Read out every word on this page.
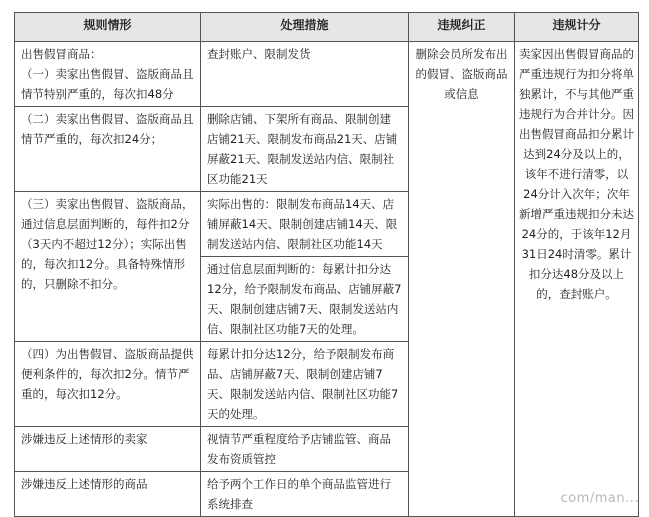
规则情形	处理措施	违规纠正	违规计分

出售假冒商品：
（一）卖家出售假冒、盗版商品且情节特别严重的，每次扣48分	查封账户、限制发货	删除会员所发布出的假冒、盗版商品或信息	卖家因出售假冒商品的严重违规行为扣分将单独累计，不与其他严重违规行为合并计分。因出售假冒商品扣分累计达到24分及以上的，该年不进行清零，以24分计入次年；次年新增严重违规扣分未达24分的，于该年12月31日24时清零。累计扣分达48分及以上的，查封账户。

（二）卖家出售假冒、盗版商品且情节严重的，每次扣24分；	删除店铺、下架所有商品、限制创建店铺21天、限制发布商品21天、店铺屏蔽21天、限制发送站内信、限制社区功能21天		

（三）卖家出售假冒、盗版商品，通过信息层面判断的，每件扣2分（3天内不超过12分）；实际出售的，每次扣12分。具备特殊情形的，只删除不扣分。	实际出售的：限制发布商品14天、店铺屏蔽14天、限制创建店铺14天、限制发送站内信、限制社区功能14天		

	通过信息层面判断的：每累计扣分达12分，给予限制发布商品、店铺屏蔽7天、限制创建店铺7天、限制发送站内信、限制社区功能7天的处理。		

（四）为出售假冒、盗版商品提供便利条件的，每次扣2分。情节严重的，每次扣12分。	每累计扣分达12分，给予限制发布商品、店铺屏蔽7天、限制创建店铺7天、限制发送站内信、限制社区功能7天的处理。		

涉嫌违反上述情形的卖家	视情节严重程度给予店铺监管、商品发布资质管控		

涉嫌违反上述情形的商品	给予两个工作日的单个商品监管进行系统排查			com/man...
